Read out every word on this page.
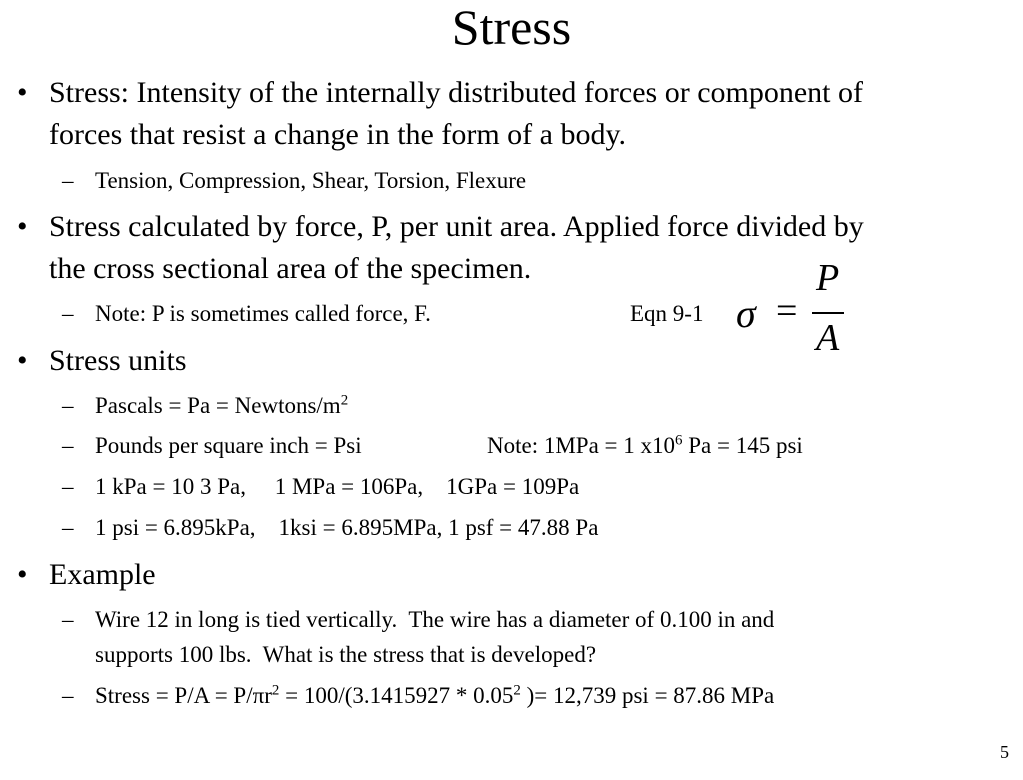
Stress
• Stress: Intensity of the internally distributed forces or component of
forces that resist a change in the form of a body.
– Tension, Compression, Shear, Torsion, Flexure
• Stress calculated by force, P, per unit area. Applied force divided by
the cross sectional area of the specimen.
– Note: P is sometimes called force, F.	Eqn 9-1 σ =
P
A
• Stress units
– Pascals = Pa = Newtons/$m^2$
– Pounds per square inch = Psi	Note: 1MPa = 1 $x10^6$ Pa = 145 psi
– 1 kPa = 10 3 Pa,     1 MPa = 106Pa,    1GPa = 109Pa
– 1 psi = 6.895kPa,    1ksi = 6.895MPa, 1 psf = 47.88 Pa
• Example
– Wire 12 in long is tied vertically.  The wire has a diameter of 0.100 in and
supports 100 lbs.  What is the stress that is developed?
– Stress = $P/A = P/\pi r^2 = 100/(3.1415927 * 0.05^2$ )= 12,739 psi = 87.86 MPa
5
